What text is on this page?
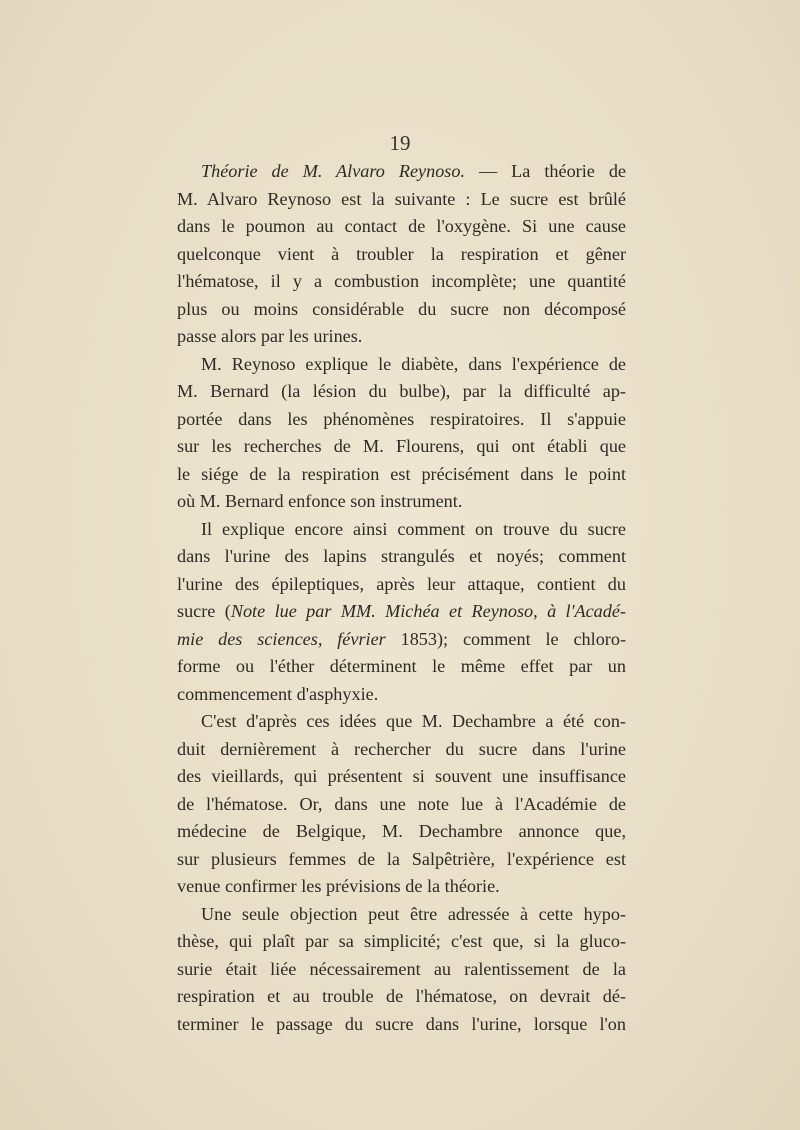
19
Théorie de M. Alvaro Reynoso. — La théorie de
M. Alvaro Reynoso est la suivante : Le sucre est brûlé
dans le poumon au contact de l'oxygène. Si une cause
quelconque vient à troubler la respiration et gêner
l'hématose, il y a combustion incomplète; une quantité
plus ou moins considérable du sucre non décomposé
passe alors par les urines.
M. Reynoso explique le diabète, dans l'expérience de
M. Bernard (la lésion du bulbe), par la difficulté ap-
portée dans les phénomènes respiratoires. Il s'appuie
sur les recherches de M. Flourens, qui ont établi que
le siége de la respiration est précisément dans le point
où M. Bernard enfonce son instrument.
Il explique encore ainsi comment on trouve du sucre
dans l'urine des lapins strangulés et noyés; comment
l'urine des épileptiques, après leur attaque, contient du
sucre (Note lue par MM. Michéa et Reynoso, à l'Acadé-
mie des sciences, février 1853); comment le chloro-
forme ou l'éther déterminent le même effet par un
commencement d'asphyxie.
C'est d'après ces idées que M. Dechambre a été con-
duit dernièrement à rechercher du sucre dans l'urine
des vieillards, qui présentent si souvent une insuffisance
de l'hématose. Or, dans une note lue à l'Académie de
médecine de Belgique, M. Dechambre annonce que,
sur plusieurs femmes de la Salpêtrière, l'expérience est
venue confirmer les prévisions de la théorie.
Une seule objection peut être adressée à cette hypo-
thèse, qui plaît par sa simplicité; c'est que, si la gluco-
surie était liée nécessairement au ralentissement de la
respiration et au trouble de l'hématose, on devrait dé-
terminer le passage du sucre dans l'urine, lorsque l'on
